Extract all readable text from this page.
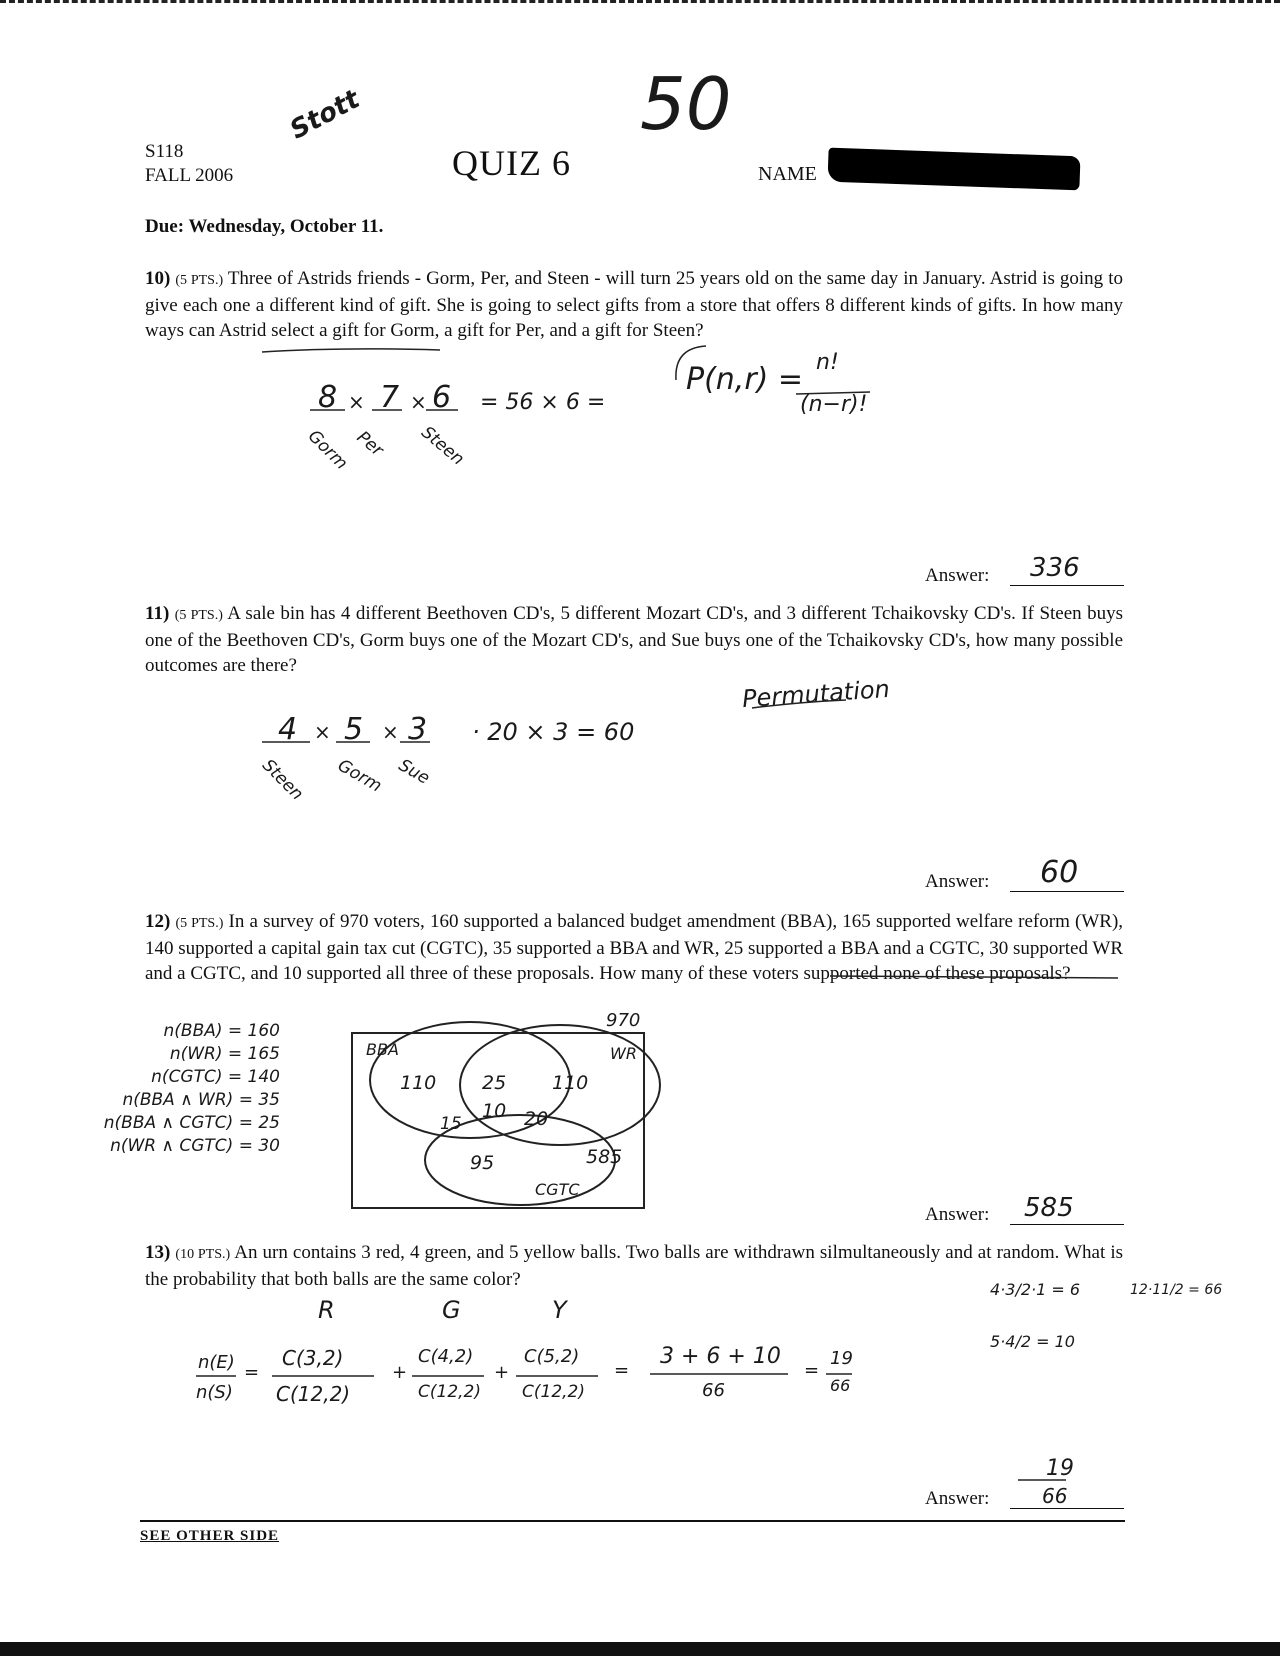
S118
FALL 2006
Stott
QUIZ 6
50
NAME
Due: Wednesday, October 11.
10) (5 PTS.) Three of Astrids friends - Gorm, Per, and Steen - will turn 25 years old on the same day in January. Astrid is going to give each one a different kind of gift. She is going to select gifts from a store that offers 8 different kinds of gifts. In how many ways can Astrid select a gift for Gorm, a gift for Per, and a gift for Steen?
8 × 7 × 6 = 56 × 6 =
Gorm Per Steen
P(n,r) = n!
(n−r)!
Answer: 336
11) (5 PTS.) A sale bin has 4 different Beethoven CD's, 5 different Mozart CD's, and 3 different Tchaikovsky CD's. If Steen buys one of the Beethoven CD's, Gorm buys one of the Mozart CD's, and Sue buys one of the Tchaikovsky CD's, how many possible outcomes are there?
Permutation
4 × 5 × 3 · 20 × 3 = 60
Steen Gorm Sue
Answer: 60
12) (5 PTS.) In a survey of 970 voters, 160 supported a balanced budget amendment (BBA), 165 supported welfare reform (WR), 140 supported a capital gain tax cut (CGTC), 35 supported a BBA and WR, 25 supported a BBA and a CGTC, 30 supported WR and a CGTC, and 10 supported all three of these proposals. How many of these voters supported none of these proposals?
n(BBA) = 160
n(WR) = 165
n(CGTC) = 140
n(BBA ∧ WR) = 35
n(BBA ∧ CGTC) = 25
n(WR ∧ CGTC) = 30
970
BBA	WR
CGTC
110 25 110
15
10 20
95	585
Answer: 585
13) (10 PTS.) An urn contains 3 red, 4 green, and 5 yellow balls. Two balls are withdrawn silmultaneously and at random. What is the probability that both balls are the same color?
R	G	Y
n(E)
n(S)
=
C(3,2)
C(12,2)
+
C(4,2)
C(12,2)
+
C(5,2)
C(12,2)
=
3 + 6 + 10
66
=
19
66
4·3/2·1 = 6
5·4/2 = 10
12·11/2 = 66
Answer:
19
66
SEE OTHER SIDE
